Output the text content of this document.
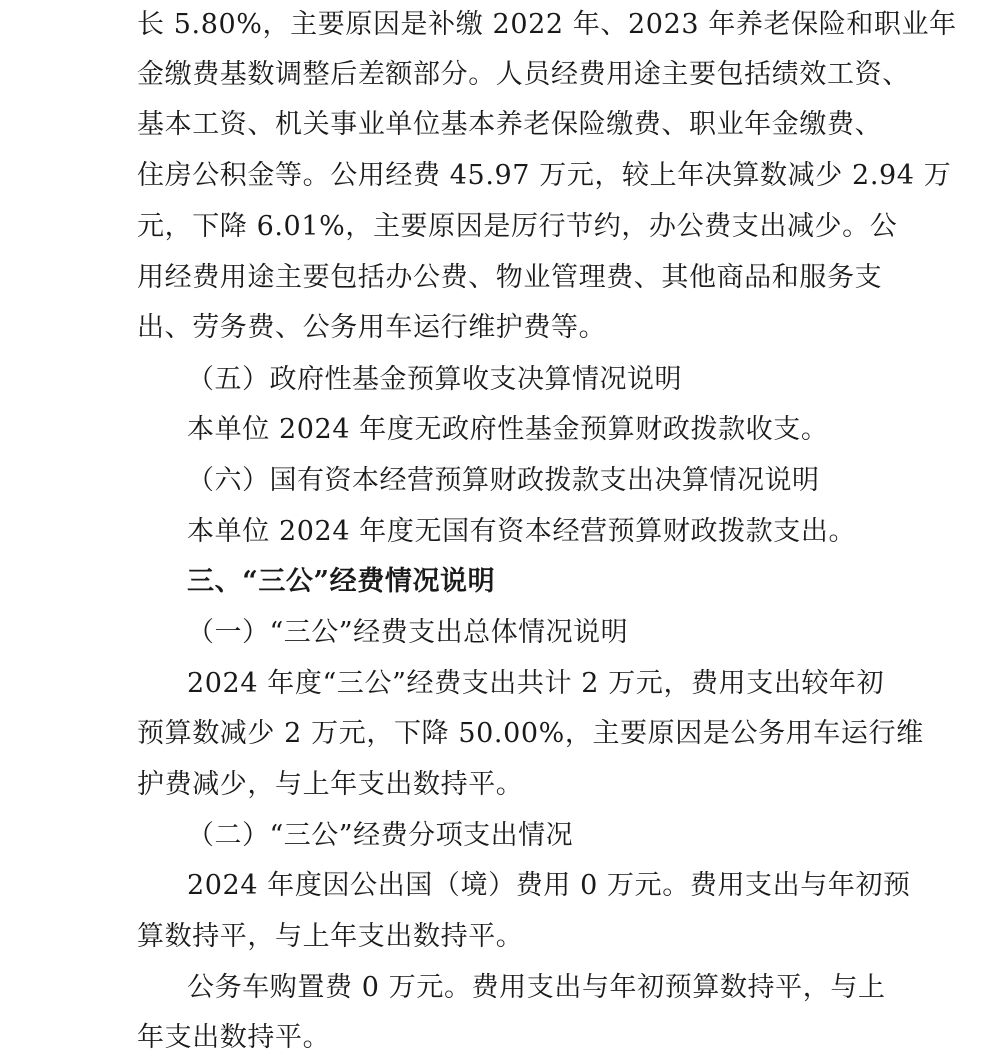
长 5.80%，主要原因是补缴 2022 年、2023 年养老保险和职业年
金缴费基数调整后差额部分。人员经费用途主要包括绩效工资、
基本工资、机关事业单位基本养老保险缴费、职业年金缴费、
住房公积金等。公用经费 45.97 万元，较上年决算数减少 2.94 万
元，下降 6.01%，主要原因是厉行节约，办公费支出减少。公
用经费用途主要包括办公费、物业管理费、其他商品和服务支
出、劳务费、公务用车运行维护费等。
（五）政府性基金预算收支决算情况说明
本单位 2024 年度无政府性基金预算财政拨款收支。
（六）国有资本经营预算财政拨款支出决算情况说明
本单位 2024 年度无国有资本经营预算财政拨款支出。
三、“三公”经费情况说明
（一）“三公”经费支出总体情况说明
2024 年度“三公”经费支出共计 2 万元，费用支出较年初
预算数减少 2 万元，下降 50.00%，主要原因是公务用车运行维
护费减少，与上年支出数持平。
（二）“三公”经费分项支出情况
2024 年度因公出国（境）费用 0 万元。费用支出与年初预
算数持平，与上年支出数持平。
公务车购置费 0 万元。费用支出与年初预算数持平，与上
年支出数持平。
